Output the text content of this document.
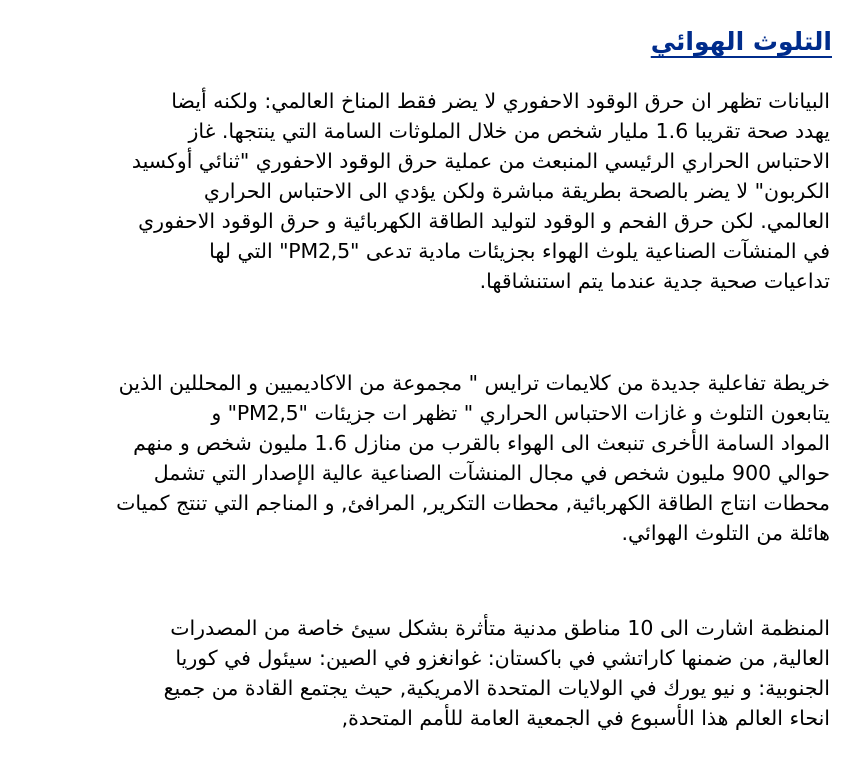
التلوث الهوائي
البيانات تظهر ان حرق الوقود الاحفوري لا يضر فقط المناخ العالمي: ولكنه أيضا
يهدد صحة تقريبا 1.6 مليار شخص من خلال الملوثات السامة التي ينتجها. غاز
الاحتباس الحراري الرئيسي المنبعث من عملية حرق الوقود الاحفوري "ثنائي أوكسيد
الكربون" لا يضر بالصحة بطريقة مباشرة ولكن يؤدي الى الاحتباس الحراري
العالمي. لكن حرق الفحم و الوقود لتوليد الطاقة الكهربائية و حرق الوقود الاحفوري
في المنشآت الصناعية يلوث الهواء بجزيئات مادية تدعى "PM2,5" التي لها
تداعيات صحية جدية عندما يتم استنشاقها.
خريطة تفاعلية جديدة من كلايمات ترايس " مجموعة من الاكاديميين و المحللين الذين
يتابعون التلوث و غازات الاحتباس الحراري " تظهر ات جزيئات "PM2,5" و
المواد السامة الأخرى تنبعث الى الهواء بالقرب من منازل 1.6 مليون شخص و منهم
حوالي 900 مليون شخص في مجال المنشآت الصناعية عالية الإصدار التي تشمل
محطات انتاج الطاقة الكهربائية, محطات التكرير, المرافئ, و المناجم التي تنتج كميات
هائلة من التلوث الهوائي.
المنظمة اشارت الى 10 مناطق مدنية متأثرة بشكل سيئ خاصة من المصدرات
العالية, من ضمنها كاراتشي في باكستان: غوانغزو في الصين: سيئول في كوريا
الجنوبية: و نيو يورك في الولايات المتحدة الامريكية, حيث يجتمع القادة من جميع
انحاء العالم هذا الأسبوع في الجمعية العامة للأمم المتحدة,
